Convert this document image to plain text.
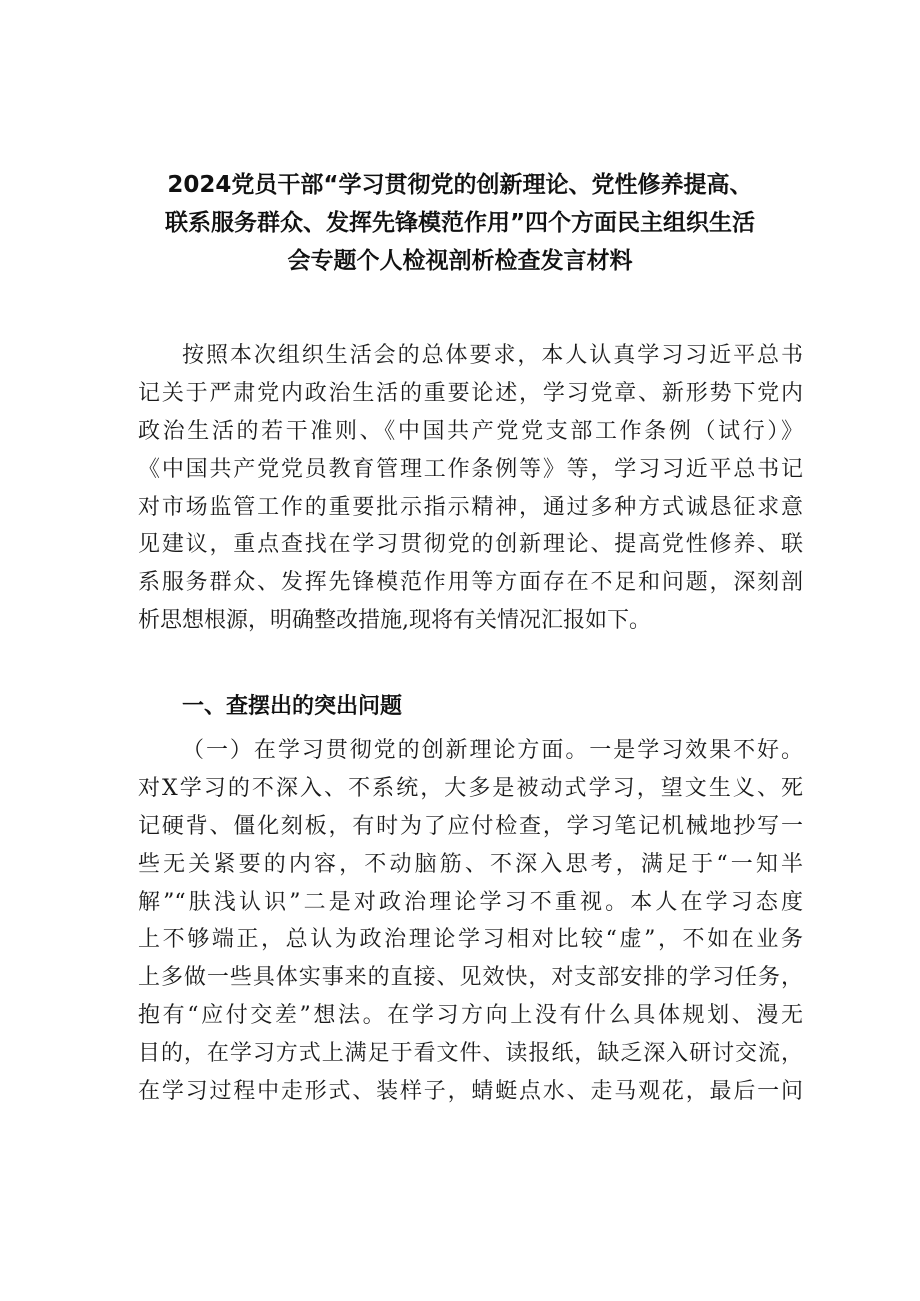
2024党员干部“学习贯彻党的创新理论、党性修养提高、
联系服务群众、发挥先锋模范作用”四个方面民主组织生活
会专题个人检视剖析检查发言材料
按照本次组织生活会的总体要求，本人认真学习习近平总书
记关于严肃党内政治生活的重要论述，学习党章、新形势下党内
政治生活的若干准则、《中国共产党党支部工作条例（试行）》
《中国共产党党员教育管理工作条例等》等，学习习近平总书记
对市场监管工作的重要批示指示精神，通过多种方式诚恳征求意
见建议，重点查找在学习贯彻党的创新理论、提高党性修养、联
系服务群众、发挥先锋模范作用等方面存在不足和问题，深刻剖
析思想根源，明确整改措施,现将有关情况汇报如下。
一、查摆出的突出问题
（一）在学习贯彻党的创新理论方面。一是学习效果不好。
对X学习的不深入、不系统，大多是被动式学习，望文生义、死
记硬背、僵化刻板，有时为了应付检查，学习笔记机械地抄写一
些无关紧要的内容，不动脑筋、不深入思考，满足于“一知半
解”“肤浅认识”二是对政治理论学习不重视。本人在学习态度
上不够端正，总认为政治理论学习相对比较“虚”，不如在业务
上多做一些具体实事来的直接、见效快，对支部安排的学习任务，
抱有“应付交差”想法。在学习方向上没有什么具体规划、漫无
目的，在学习方式上满足于看文件、读报纸，缺乏深入研讨交流，
在学习过程中走形式、装样子，蜻蜓点水、走马观花，最后一问
